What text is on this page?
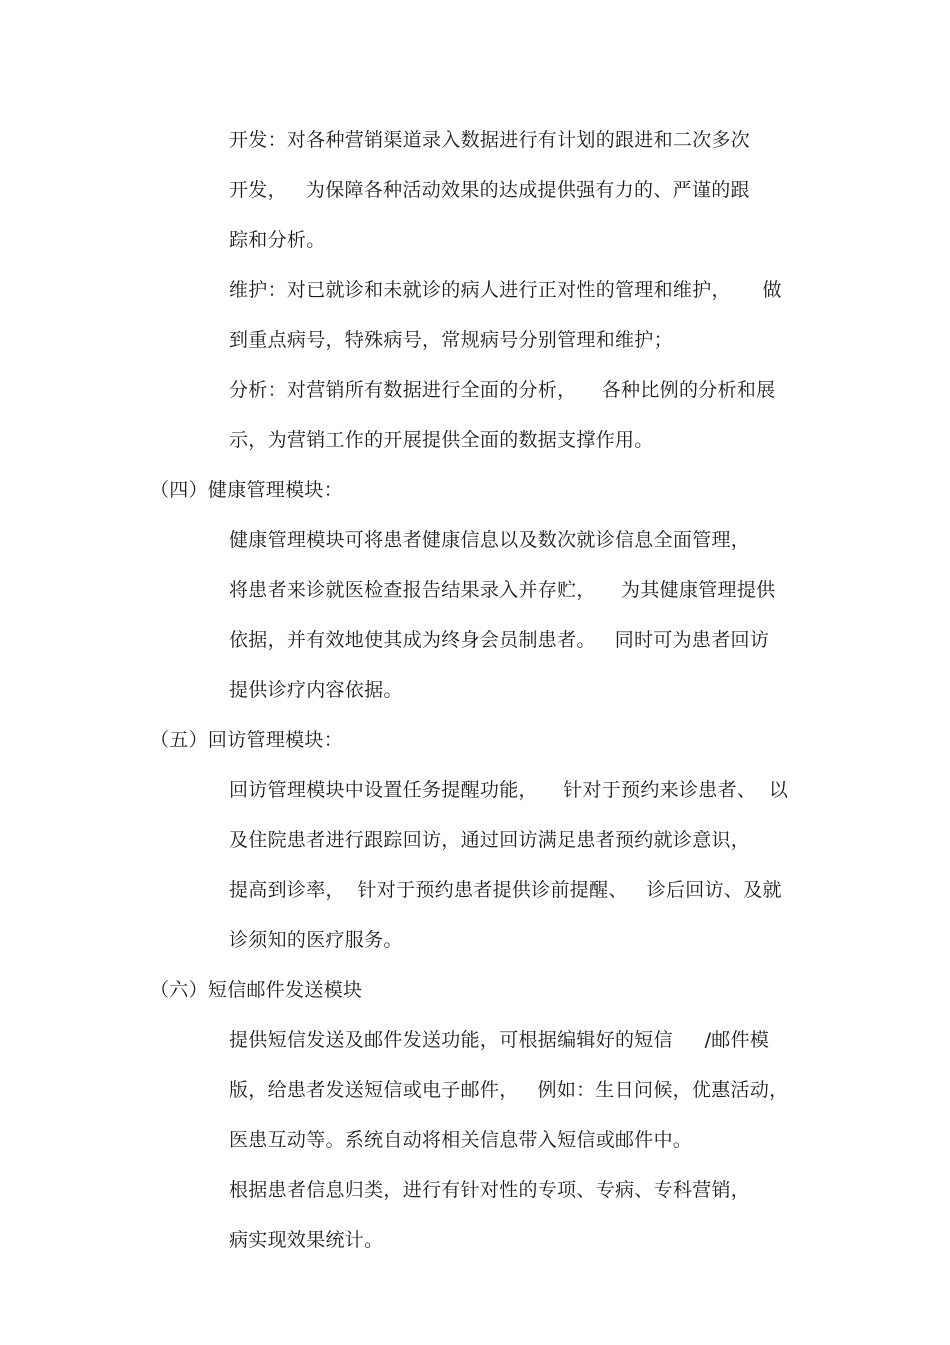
开发：对各种营销渠道录入数据进行有计划的跟进和二次多次
开发，   为保障各种活动效果的达成提供强有力的、严谨的跟
踪和分析。
维护：对已就诊和未就诊的病人进行正对性的管理和维护，     做
到重点病号，特殊病号，常规病号分别管理和维护；
分析：对营销所有数据进行全面的分析，    各种比例的分析和展
示，为营销工作的开展提供全面的数据支撑作用。
（四）健康管理模块：
健康管理模块可将患者健康信息以及数次就诊信息全面管理，
将患者来诊就医检查报告结果录入并存贮，    为其健康管理提供
依据，并有效地使其成为终身会员制患者。   同时可为患者回访
提供诊疗内容依据。
（五）回访管理模块：
回访管理模块中设置任务提醒功能，    针对于预约来诊患者、  以
及住院患者进行跟踪回访，通过回访满足患者预约就诊意识，
提高到诊率，  针对于预约患者提供诊前提醒、   诊后回访、及就
诊须知的医疗服务。
（六）短信邮件发送模块
提供短信发送及邮件发送功能，可根据编辑好的短信     /邮件模
版，给患者发送短信或电子邮件，   例如：生日问候，优惠活动，
医患互动等。系统自动将相关信息带入短信或邮件中。
根据患者信息归类，进行有针对性的专项、专病、专科营销，
病实现效果统计。
